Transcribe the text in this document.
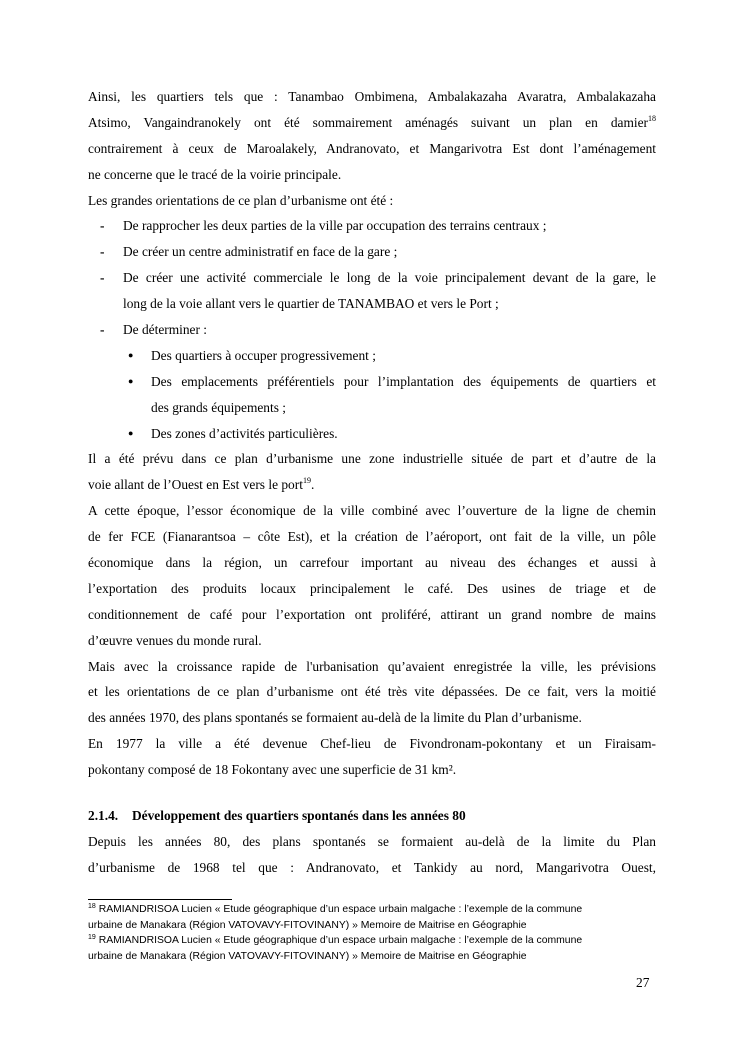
Ainsi, les quartiers tels que : Tanambao Ombimena, Ambalakazaha Avaratra, Ambalakazaha
Atsimo, Vangaindranokely ont été sommairement aménagés suivant un plan en damier$^{18}$
contrairement à ceux de Maroalakely, Andranovato, et Mangarivotra Est dont l’aménagement
ne concerne que le tracé de la voirie principale.
Les grandes orientations de ce plan d’urbanisme ont été :
- De rapprocher les deux parties de la ville par occupation des terrains centraux ;
- De créer un centre administratif en face de la gare ;
- De créer une activité commerciale le long de la voie principalement devant de la gare, le
long de la voie allant vers le quartier de TANAMBAO et vers le Port ;
- De déterminer :
● Des quartiers à occuper progressivement ;
● Des emplacements préférentiels pour l’implantation des équipements de quartiers et
des grands équipements ;
● Des zones d’activités particulières.
Il a été prévu dans ce plan d’urbanisme une zone industrielle située de part et d’autre de la
voie allant de l’Ouest en Est vers le port$^{19}$.
A cette époque, l’essor économique de la ville combiné avec l’ouverture de la ligne de chemin
de fer FCE (Fianarantsoa – côte Est), et la création de l’aéroport, ont fait de la ville, un pôle
économique dans la région, un carrefour important au niveau des échanges et aussi à
l’exportation des produits locaux principalement le café. Des usines de triage et de
conditionnement de café pour l’exportation ont proliféré, attirant un grand nombre de mains
d’œuvre venues du monde rural.
Mais avec la croissance rapide de l'urbanisation qu’avaient enregistrée la ville, les prévisions
et les orientations de ce plan d’urbanisme ont été très vite dépassées. De ce fait, vers la moitié
des années 1970, des plans spontanés se formaient au-delà de la limite du Plan d’urbanisme.
En 1977 la ville a été devenue Chef-lieu de Fivondronam-pokontany et un Firaisam-
pokontany composé de 18 Fokontany avec une superficie de 31 km².
2.1.4. Développement des quartiers spontanés dans les années 80
Depuis les années 80, des plans spontanés se formaient au-delà de la limite du Plan
d’urbanisme de 1968 tel que : Andranovato, et Tankidy au nord, Mangarivotra Ouest,
$^{18}$ RAMIANDRISOA Lucien « Etude géographique d’un espace urbain malgache : l’exemple de la commune
urbaine de Manakara (Région VATOVAVY-FITOVINANY) » Memoire de Maitrise en Géographie
$^{19}$ RAMIANDRISOA Lucien « Etude géographique d’un espace urbain malgache : l’exemple de la commune
urbaine de Manakara (Région VATOVAVY-FITOVINANY) » Memoire de Maitrise en Géographie
27
